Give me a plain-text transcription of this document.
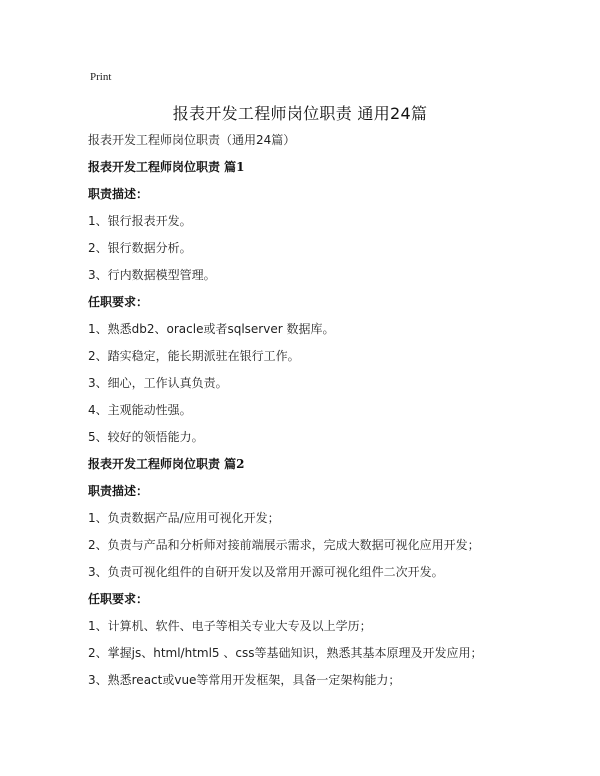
Print
报表开发工程师岗位职责 通用24篇
报表开发工程师岗位职责（通用24篇）
报表开发工程师岗位职责 篇1
职责描述：
1、银行报表开发。
2、银行数据分析。
3、行内数据模型管理。
任职要求：
1、熟悉db2、oracle或者sqlserver 数据库。
2、踏实稳定，能长期派驻在银行工作。
3、细心，工作认真负责。
4、主观能动性强。
5、较好的领悟能力。
报表开发工程师岗位职责 篇2
职责描述：
1、负责数据产品/应用可视化开发；
2、负责与产品和分析师对接前端展示需求，完成大数据可视化应用开发；
3、负责可视化组件的自研开发以及常用开源可视化组件二次开发。
任职要求：
1、计算机、软件、电子等相关专业大专及以上学历；
2、掌握js、html/html5 、css等基础知识，熟悉其基本原理及开发应用；
3、熟悉react或vue等常用开发框架，具备一定架构能力；
